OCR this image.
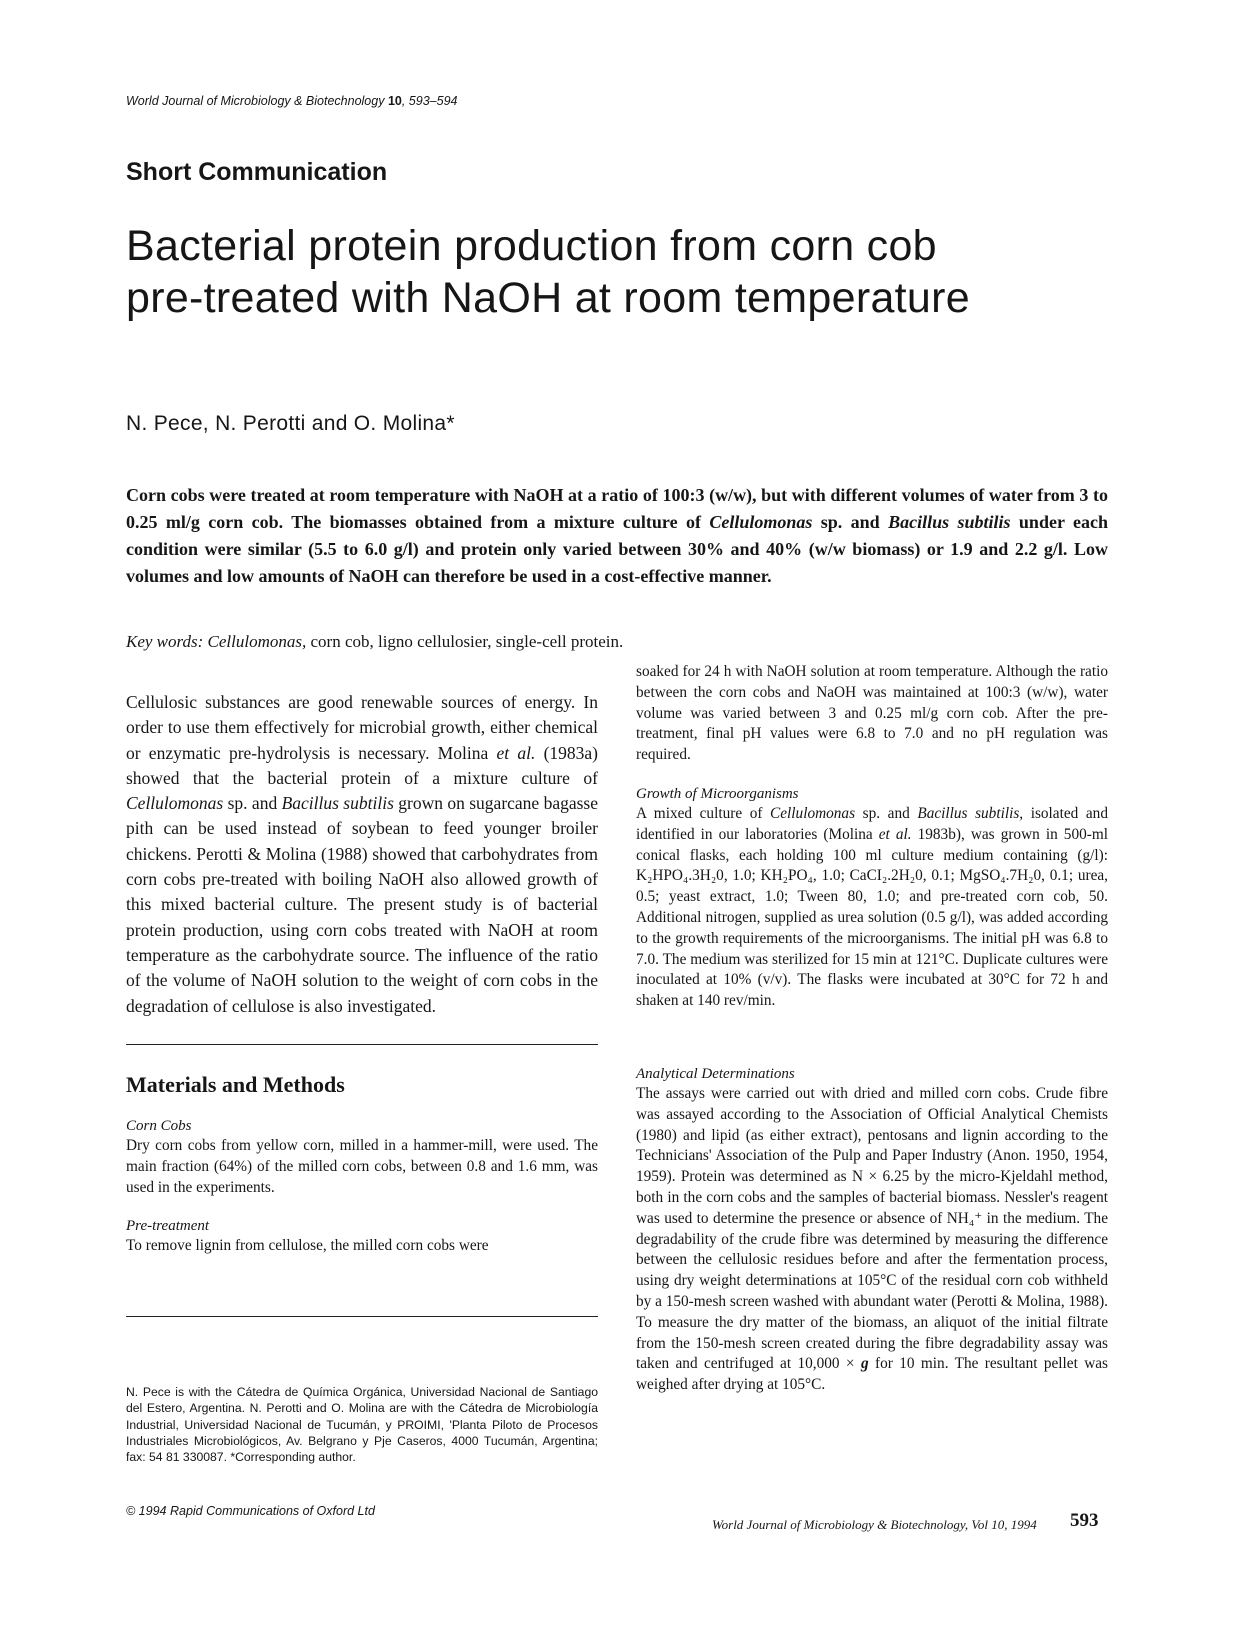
World Journal of Microbiology & Biotechnology 10, 593–594
Short Communication
Bacterial protein production from corn cob
pre-treated with NaOH at room temperature
N. Pece, N. Perotti and O. Molina*
Corn cobs were treated at room temperature with NaOH at a ratio of 100:3 (w/w), but with different volumes of water from 3 to 0.25 ml/g corn cob. The biomasses obtained from a mixture culture of Cellulomonas sp. and Bacillus subtilis under each condition were similar (5.5 to 6.0 g/l) and protein only varied between 30% and 40% (w/w biomass) or 1.9 and 2.2 g/l. Low volumes and low amounts of NaOH can therefore be used in a cost-effective manner.
Key words: Cellulomonas, corn cob, ligno cellulosier, single-cell protein.
Cellulosic substances are good renewable sources of energy. In order to use them effectively for microbial growth, either chemical or enzymatic pre-hydrolysis is necessary. Molina et al. (1983a) showed that the bacterial protein of a mixture culture of Cellulomonas sp. and Bacillus subtilis grown on sugarcane bagasse pith can be used instead of soybean to feed younger broiler chickens. Perotti & Molina (1988) showed that carbohydrates from corn cobs pre-treated with boiling NaOH also allowed growth of this mixed bacterial culture. The present study is of bacterial protein production, using corn cobs treated with NaOH at room temperature as the carbohydrate source. The influence of the ratio of the volume of NaOH solution to the weight of corn cobs in the degradation of cellulose is also investigated.
Materials and Methods
Corn Cobs
Dry corn cobs from yellow corn, milled in a hammer-mill, were used. The main fraction (64%) of the milled corn cobs, between 0.8 and 1.6 mm, was used in the experiments.
Pre-treatment
To remove lignin from cellulose, the milled corn cobs were
N. Pece is with the Cátedra de Química Orgánica, Universidad Nacional de Santiago del Estero, Argentina. N. Perotti and O. Molina are with the Cátedra de Microbiología Industrial, Universidad Nacional de Tucumán, y PROIMI, 'Planta Piloto de Procesos Industriales Microbiológicos, Av. Belgrano y Pje Caseros, 4000 Tucumán, Argentina; fax: 54 81 330087. *Corresponding author.
© 1994 Rapid Communications of Oxford Ltd
soaked for 24 h with NaOH solution at room temperature. Although the ratio between the corn cobs and NaOH was maintained at 100:3 (w/w), water volume was varied between 3 and 0.25 ml/g corn cob. After the pre-treatment, final pH values were 6.8 to 7.0 and no pH regulation was required.
Growth of Microorganisms
A mixed culture of Cellulomonas sp. and Bacillus subtilis, isolated and identified in our laboratories (Molina et al. 1983b), was grown in 500-ml conical flasks, each holding 100 ml culture medium containing (g/l): K₂HPO₄.3H₂0, 1.0; KH₂PO₄, 1.0; CaCI₂.2H₂0, 0.1; MgSO₄.7H₂0, 0.1; urea, 0.5; yeast extract, 1.0; Tween 80, 1.0; and pre-treated corn cob, 50. Additional nitrogen, supplied as urea solution (0.5 g/l), was added according to the growth requirements of the microorganisms. The initial pH was 6.8 to 7.0. The medium was sterilized for 15 min at 121°C. Duplicate cultures were inoculated at 10% (v/v). The flasks were incubated at 30°C for 72 h and shaken at 140 rev/min.
Analytical Determinations
The assays were carried out with dried and milled corn cobs. Crude fibre was assayed according to the Association of Official Analytical Chemists (1980) and lipid (as either extract), pentosans and lignin according to the Technicians' Association of the Pulp and Paper Industry (Anon. 1950, 1954, 1959). Protein was determined as N × 6.25 by the micro-Kjeldahl method, both in the corn cobs and the samples of bacterial biomass. Nessler's reagent was used to determine the presence or absence of NH₄⁺ in the medium. The degradability of the crude fibre was determined by measuring the difference between the cellulosic residues before and after the fermentation process, using dry weight determinations at 105°C of the residual corn cob withheld by a 150-mesh screen washed with abundant water (Perotti & Molina, 1988). To measure the dry matter of the biomass, an aliquot of the initial filtrate from the 150-mesh screen created during the fibre degradability assay was taken and centrifuged at 10,000 × g for 10 min. The resultant pellet was weighed after drying at 105°C.
World Journal of Microbiology & Biotechnology, Vol 10, 1994 593
